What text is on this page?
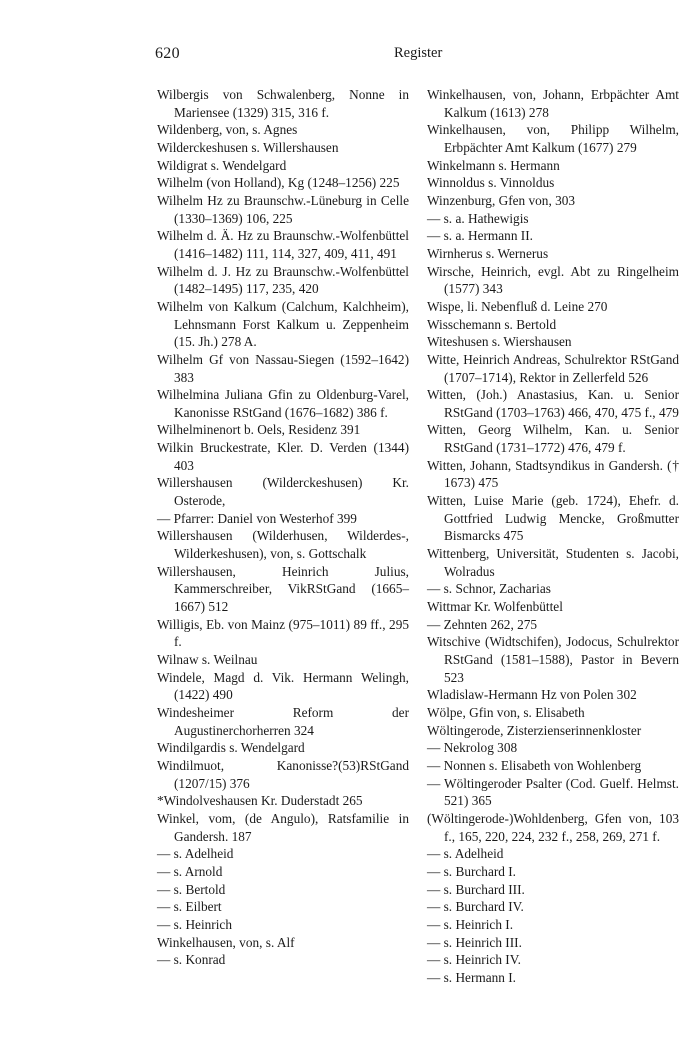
620	Register
Wilbergis von Schwalenberg, Nonne in Mariensee (1329) 315, 316 f.
Wildenberg, von, s. Agnes
Wilderckeshusen s. Willershausen
Wildigrat s. Wendelgard
Wilhelm (von Holland), Kg (1248–1256) 225
Wilhelm Hz zu Braunschw.-Lüneburg in Celle (1330–1369) 106, 225
Wilhelm d. Ä. Hz zu Braunschw.-Wolfenbüttel (1416–1482) 111, 114, 327, 409, 411, 491
Wilhelm d. J. Hz zu Braunschw.-Wolfenbüttel (1482–1495) 117, 235, 420
Wilhelm von Kalkum (Calchum, Kalchheim), Lehnsmann Forst Kalkum u. Zeppenheim (15. Jh.) 278 A.
Wilhelm Gf von Nassau-Siegen (1592–1642) 383
Wilhelmina Juliana Gfin zu Oldenburg-Varel, Kanonisse RStGand (1676–1682) 386 f.
Wilhelminenort b. Oels, Residenz 391
Wilkin Bruckestrate, Kler. D. Verden (1344) 403
Willershausen (Wilderckeshusen) Kr. Osterode,
— Pfarrer: Daniel von Westerhof 399
Willershausen (Wilderhusen, Wilderdes-, Wilderkeshusen), von, s. Gottschalk
Willershausen, Heinrich Julius, Kammerschreiber, VikRStGand (1665–1667) 512
Willigis, Eb. von Mainz (975–1011) 89 ff., 295 f.
Wilnaw s. Weilnau
Windele, Magd d. Vik. Hermann Welingh, (1422) 490
Windesheimer Reform der Augustinerchorherren 324
Windilgardis s. Wendelgard
Windilmuot, Kanonisse?(53)RStGand (1207/15) 376
*Windolveshausen Kr. Duderstadt 265
Winkel, vom, (de Angulo), Ratsfamilie in Gandersh. 187
— s. Adelheid
— s. Arnold
— s. Bertold
— s. Eilbert
— s. Heinrich
Winkelhausen, von, s. Alf
— s. Konrad
Winkelhausen, von, Johann, Erbpächter Amt Kalkum (1613) 278
Winkelhausen, von, Philipp Wilhelm, Erbpächter Amt Kalkum (1677) 279
Winkelmann s. Hermann
Winnoldus s. Vinnoldus
Winzenburg, Gfen von, 303
— s. a. Hathewigis
— s. a. Hermann II.
Wirnherus s. Wernerus
Wirsche, Heinrich, evgl. Abt zu Ringelheim (1577) 343
Wispe, li. Nebenfluß d. Leine 270
Wisschemann s. Bertold
Witeshusen s. Wiershausen
Witte, Heinrich Andreas, Schulrektor RStGand (1707–1714), Rektor in Zellerfeld 526
Witten, (Joh.) Anastasius, Kan. u. Senior RStGand (1703–1763) 466, 470, 475 f., 479
Witten, Georg Wilhelm, Kan. u. Senior RStGand (1731–1772) 476, 479 f.
Witten, Johann, Stadtsyndikus in Gandersh. († 1673) 475
Witten, Luise Marie (geb. 1724), Ehefr. d. Gottfried Ludwig Mencke, Großmutter Bismarcks 475
Wittenberg, Universität, Studenten s. Jacobi, Wolradus
— s. Schnor, Zacharias
Wittmar Kr. Wolfenbüttel
— Zehnten 262, 275
Witschive (Widtschifen), Jodocus, Schulrektor RStGand (1581–1588), Pastor in Bevern 523
Wladislaw-Hermann Hz von Polen 302
Wölpe, Gfin von, s. Elisabeth
Wöltingerode, Zisterzienserinnenkloster
— Nekrolog 308
— Nonnen s. Elisabeth von Wohlenberg
— Wöltingeroder Psalter (Cod. Guelf. Helmst. 521) 365
(Wöltingerode-)Wohldenberg, Gfen von, 103 f., 165, 220, 224, 232 f., 258, 269, 271 f.
— s. Adelheid
— s. Burchard I.
— s. Burchard III.
— s. Burchard IV.
— s. Heinrich I.
— s. Heinrich III.
— s. Heinrich IV.
— s. Hermann I.
